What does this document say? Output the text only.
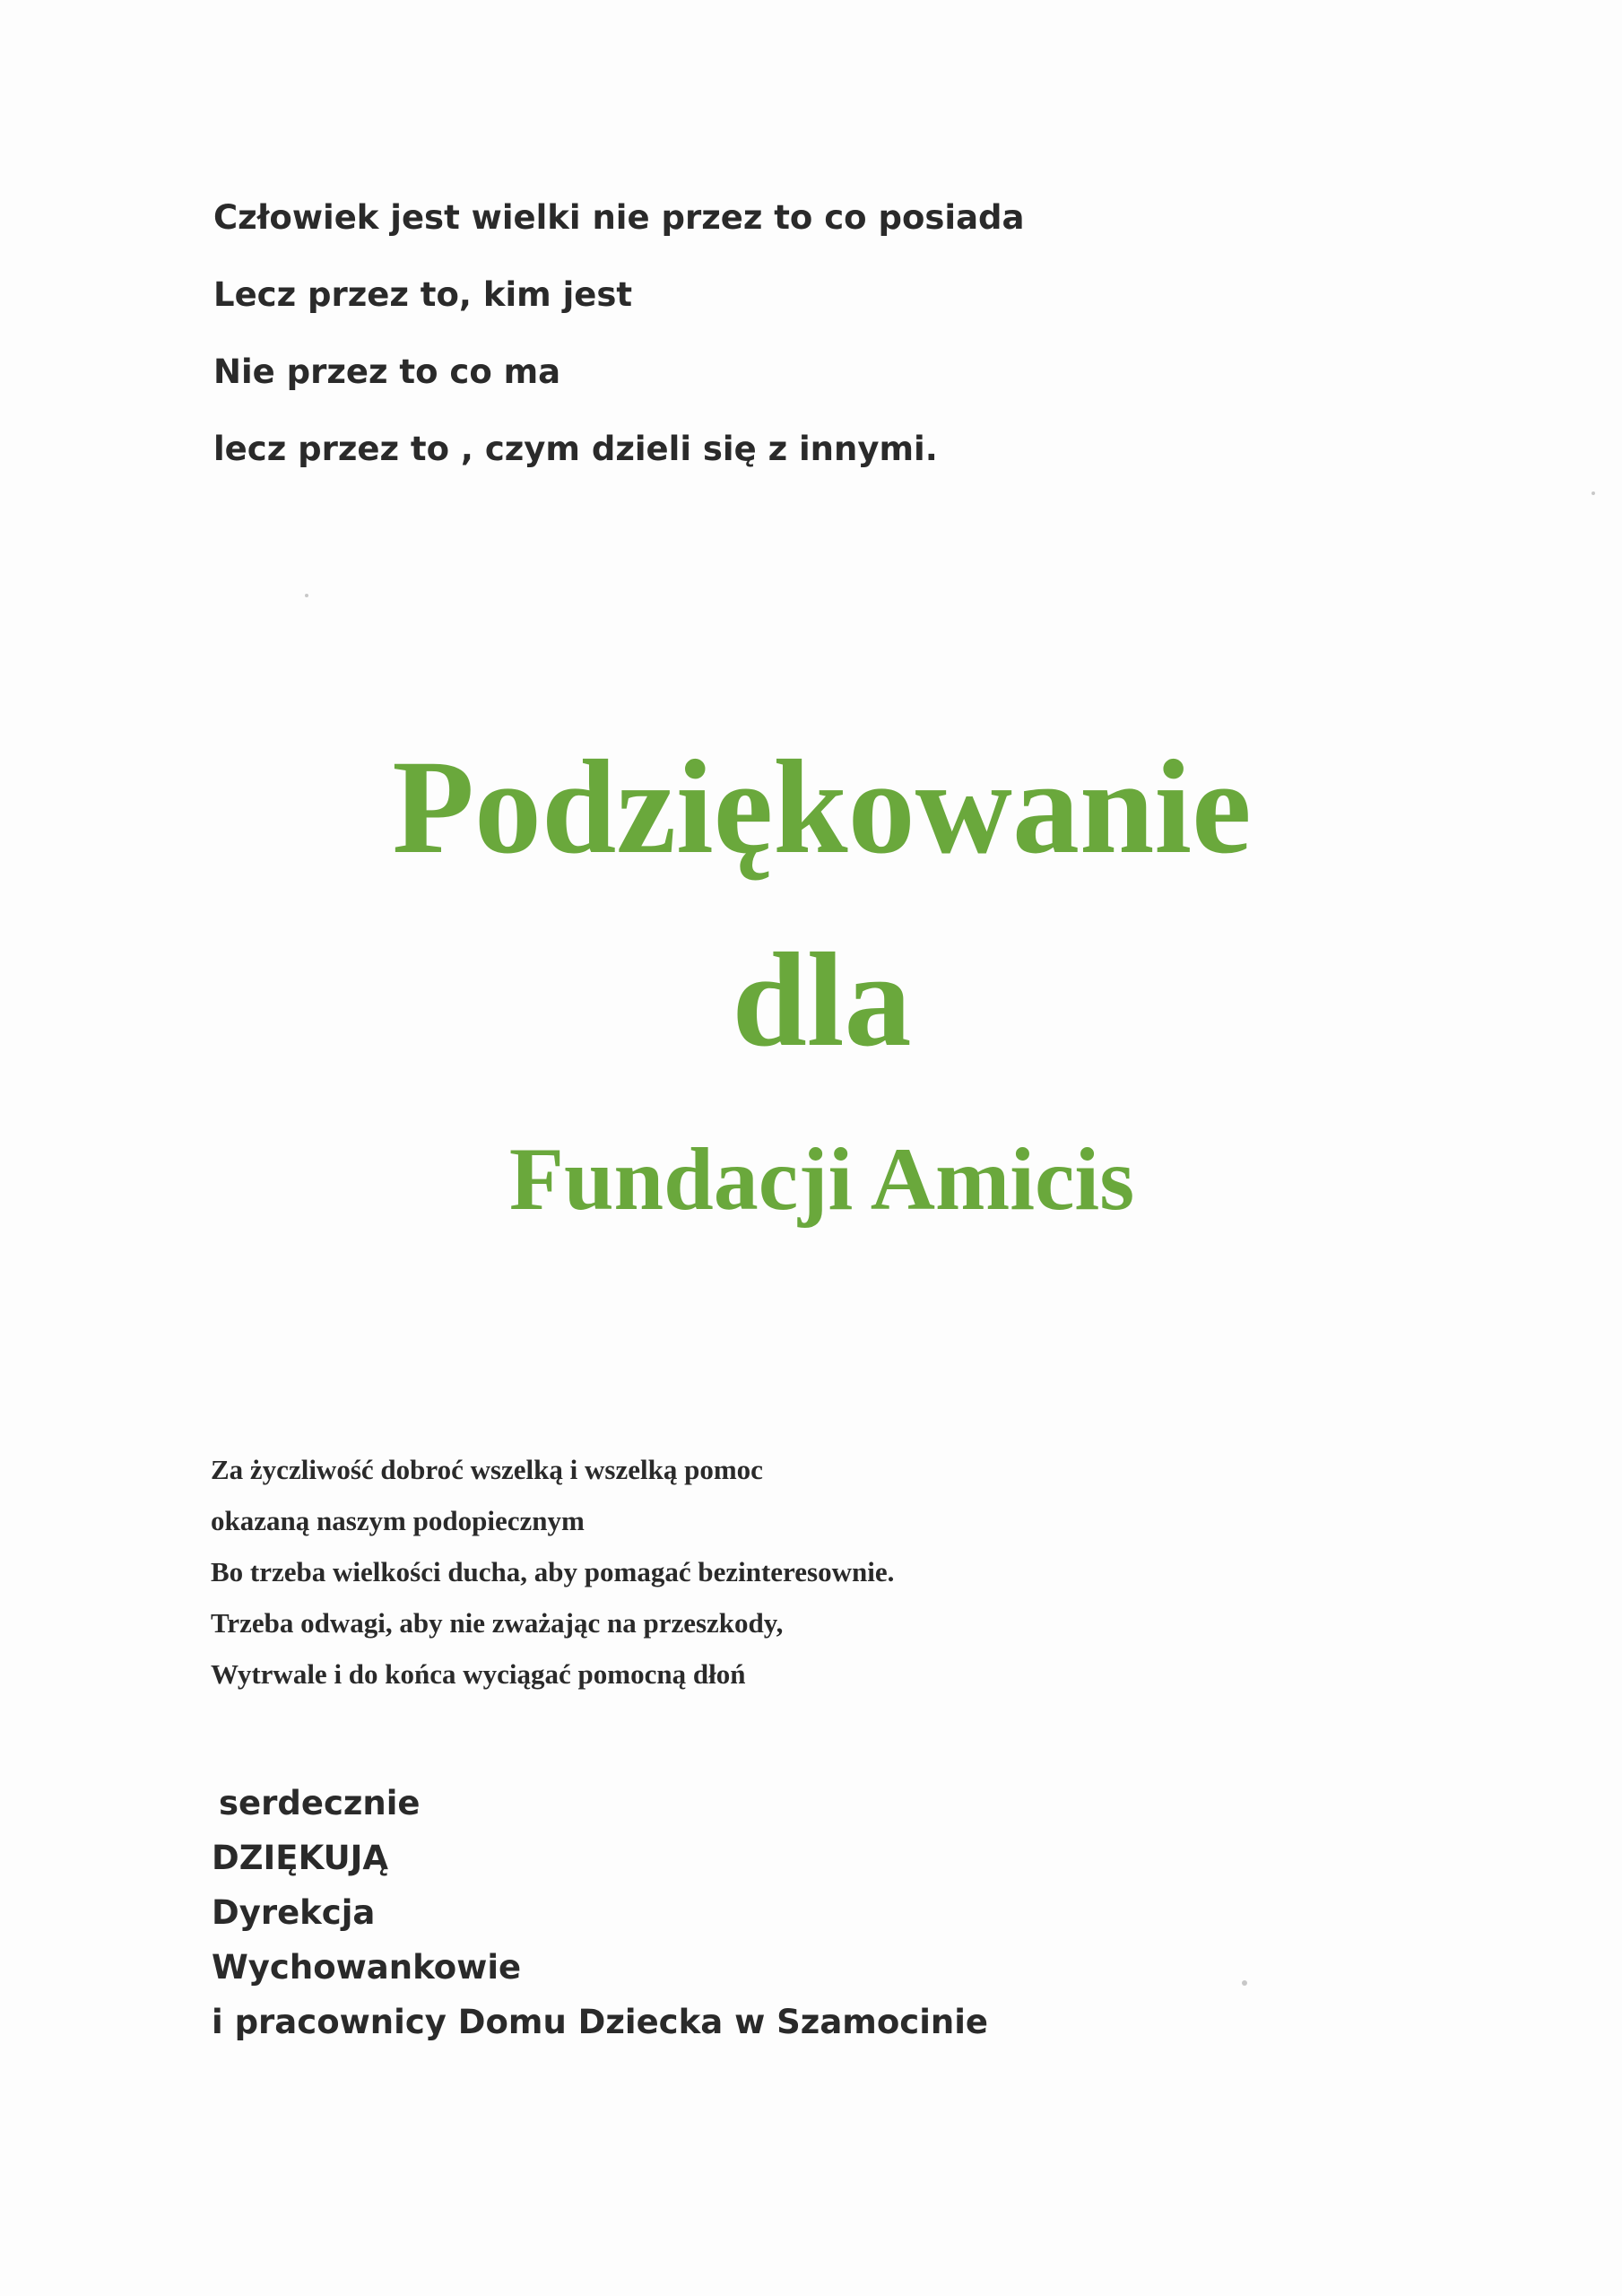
Człowiek jest wielki nie przez to co posiada
Lecz przez to, kim jest
Nie przez to co ma
lecz przez to , czym dzieli się z innymi.
Podziękowanie
dla
Fundacji Amicis
Za życzliwość dobroć wszelką i wszelką pomoc
okazaną naszym podopiecznym
Bo trzeba wielkości ducha, aby pomagać bezinteresownie.
Trzeba odwagi, aby nie zważając na przeszkody,
Wytrwale i do końca wyciągać pomocną dłoń
serdecznie
DZIĘKUJĄ
Dyrekcja
Wychowankowie
i pracownicy Domu Dziecka w Szamocinie
